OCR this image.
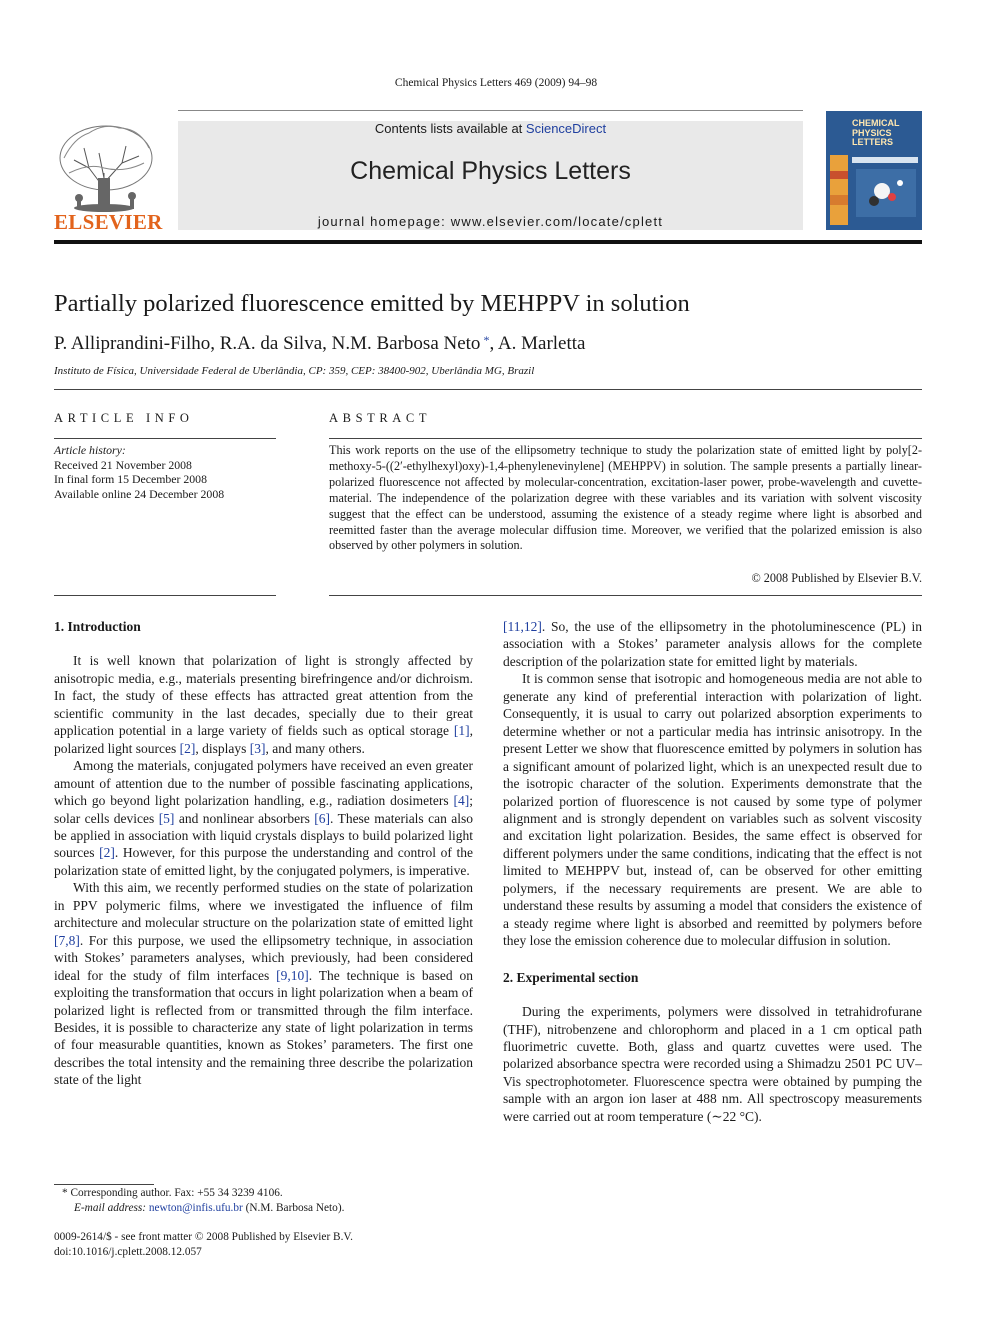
Chemical Physics Letters 469 (2009) 94–98
ELSEVIER
Contents lists available at ScienceDirect
Chemical Physics Letters
journal homepage: www.elsevier.com/locate/cplett
CHEMICAL
PHYSICS
LETTERS
Partially polarized fluorescence emitted by MEHPPV in solution
P. Alliprandini-Filho, R.A. da Silva, N.M. Barbosa Neto *, A. Marletta
Instituto de Física, Universidade Federal de Uberlândia, CP: 359, CEP: 38400-902, Uberlândia MG, Brazil
ARTICLE INFO
Article history:
Received 21 November 2008
In final form 15 December 2008
Available online 24 December 2008
ABSTRACT
This work reports on the use of the ellipsometry technique to study the polarization state of emitted light by poly[2-methoxy-5-((2′-ethylhexyl)oxy)-1,4-phenylenevinylene] (MEHPPV) in solution. The sample presents a partially linear-polarized fluorescence not affected by molecular-concentration, excitation-laser power, probe-wavelength and cuvette-material. The independence of the polarization degree with these variables and its variation with solvent viscosity suggest that the effect can be understood, assuming the existence of a steady regime where light is absorbed and reemitted faster than the average molecular diffusion time. Moreover, we verified that the polarized emission is also observed by other polymers in solution.
© 2008 Published by Elsevier B.V.
1. Introduction

It is well known that polarization of light is strongly affected by anisotropic media, e.g., materials presenting birefringence and/or dichroism. In fact, the study of these effects has attracted great attention from the scientific community in the last decades, specially due to their great application potential in a large variety of fields such as optical storage [1], polarized light sources [2], displays [3], and many others.

Among the materials, conjugated polymers have received an even greater amount of attention due to the number of possible fascinating applications, which go beyond light polarization handling, e.g., radiation dosimeters [4]; solar cells devices [5] and nonlinear absorbers [6]. These materials can also be applied in association with liquid crystals displays to build polarized light sources [2]. However, for this purpose the understanding and control of the polarization state of emitted light, by the conjugated polymers, is imperative.

With this aim, we recently performed studies on the state of polarization in PPV polymeric films, where we investigated the influence of film architecture and molecular structure on the polarization state of emitted light [7,8]. For this purpose, we used the ellipsometry technique, in association with Stokes’ parameters analyses, which previously, had been considered ideal for the study of film interfaces [9,10]. The technique is based on exploiting the transformation that occurs in light polarization when a beam of polarized light is reflected from or transmitted through the film interface. Besides, it is possible to characterize any state of light polarization in terms of four measurable quantities, known as Stokes’ parameters. The first one describes the total intensity and the remaining three describe the polarization state of the light

[11,12]. So, the use of the ellipsometry in the photoluminescence (PL) in association with a Stokes’ parameter analysis allows for the complete description of the polarization state for emitted light by materials.

It is common sense that isotropic and homogeneous media are not able to generate any kind of preferential interaction with polarization of light. Consequently, it is usual to carry out polarized absorption experiments to determine whether or not a particular media has intrinsic anisotropy. In the present Letter we show that fluorescence emitted by polymers in solution has a significant amount of polarized light, which is an unexpected result due to the isotropic character of the solution. Experiments demonstrate that the polarized portion of fluorescence is not caused by some type of polymer alignment and is strongly dependent on variables such as solvent viscosity and excitation light polarization. Besides, the same effect is observed for different polymers under the same conditions, indicating that the effect is not limited to MEHPPV but, instead of, can be observed for other emitting polymers, if the necessary requirements are present. We are able to understand these results by assuming a model that considers the existence of a steady regime where light is absorbed and reemitted by polymers before they lose the emission coherence due to molecular diffusion in solution.

2. Experimental section

During the experiments, polymers were dissolved in tetrahidrofurane (THF), nitrobenzene and chlorophorm and placed in a 1 cm optical path fluorimetric cuvette. Both, glass and quartz cuvettes were used. The polarized absorbance spectra were recorded using a Shimadzu 2501 PC UV–Vis spectrophotometer. Fluorescence spectra were obtained by pumping the sample with an argon ion laser at 488 nm. All spectroscopy measurements were carried out at room temperature (∼22 °C).

* Corresponding author. Fax: +55 34 3239 4106.
E-mail address: newton@infis.ufu.br (N.M. Barbosa Neto).
0009-2614/$ - see front matter © 2008 Published by Elsevier B.V.
doi:10.1016/j.cplett.2008.12.057
